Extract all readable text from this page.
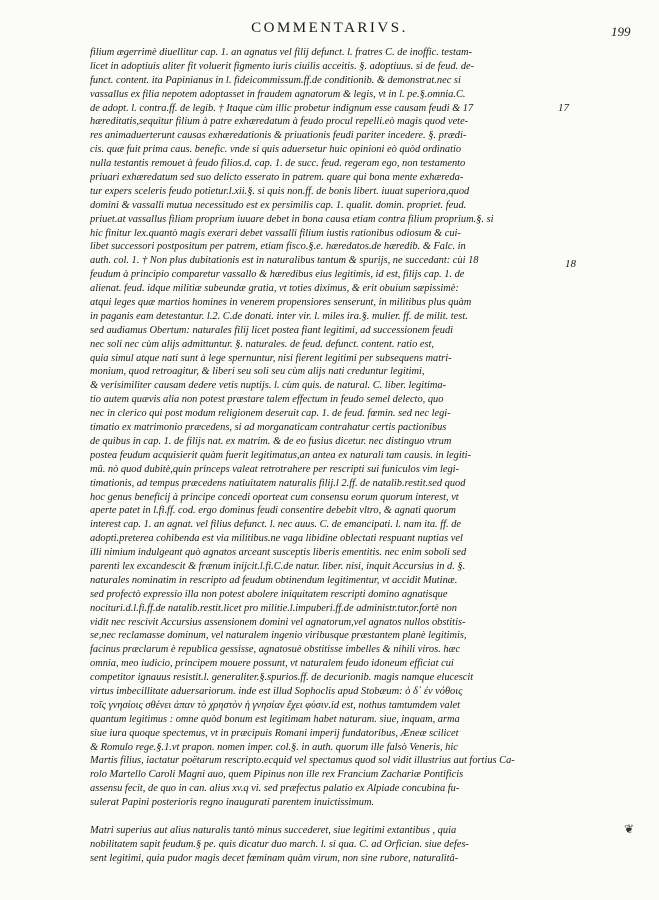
COMMENTARIVS.	199
filium ægerrimè diuellitur cap. 1. an agnatus vel filij defunct. l. fratres C. de inoffic. testam-
licet in adoptiuis aliter fit voluerit figmento iuris ciuilis acceitis. §. adoptiuus. si de feud. de-
funct. content. ita Papinianus in l. fideicommissum.ff.de conditionib. & demonstrat.nec si
vassallus ex filia nepotem adoptasset in fraudem agnatorum & legis, vt in l. pe.§.omnia.C.
de adopt. l. contra.ff. de legib. † Itaque cùm illic probetur indignum esse causam feudi & 17
hæreditatis,sequitur filium à patre exhæredatum à feudo procul repelli.eò magis quod vete-
res animaduerterunt causas exhæredationis & priuationis feudi pariter incedere. §. prædi-
cis. quæ fuit prima caus. benefic. vnde si quis aduersetur huic opinioni eò quòd ordinatio
nulla testantis remouet à feudo filios.d. cap. 1. de succ. feud. regeram ego, non testamento
priuari exhæredatum sed suo delicto esserato in patrem. quare qui bona mente exhæreda-
tur expers sceleris feudo potietur.l.xii.§. si quis non.ff. de bonis libert. iuuat superiora,quod
domini & vassalli mutua necessitudo est ex persimilis cap. 1. qualit. domin. propriet. feud.
priuet.at vassallus filiam proprium iuuare debet in bona causa etiam contra filium proprium.§. si
hic finitur lex.quantò magis exerari debet vassalli filium iustis rationibus odiosum & cui-
libet successori postpositum per patrem, etiam fisco.§.e. hæredatos.de hæredib. & Falc. in
auth. col. 1. † Non plus dubitationis est in naturalibus tantum & spurijs, ne succedant: cùi 18
feudum à principio comparetur vassallo & hæredibus eius legitimis, id est, filijs cap. 1. de
alienat. feud. idque militiæ subeundæ gratia, vt toties diximus, & erit obuium sæpissimè:
atqui leges quæ martios homines in venerem propensiores senserunt, in militibus plus quàm
in paganis eam detestantur. l.2. C.de donati. inter vir. l. miles ira.§. mulier. ff. de milit. test.
sed audiamus Obertum: naturales filij licet postea fiant legitimi, ad successionem feudi
nec soli nec cùm alijs admittuntur. §. naturales. de feud. defunct. content. ratio est,
quia simul atque nati sunt à lege spernuntur, nisi fierent legitimi per subsequens matri-
monium, quod retroagitur, & liberi seu soli seu cùm alijs nati creduntur legitimi,
& verisimiliter causam dedere vetis nuptijs. l. cùm quis. de natural. C. liber. legitima-
tio autem quævis alia non potest præstare talem effectum in feudo semel delecto, quo
nec in clerico qui post modum religionem deseruit cap. 1. de feud. fœmin. sed nec legi-
timatio ex matrimonio præcedens, si ad morganaticam contrahatur certis pactionibus
de quibus in cap. 1. de filijs nat. ex matrim. & de eo fusius dicetur. nec distinguo vtrum
postea feudum acquisierit quàm fuerit legitimatus,an antea ex naturali tam causis. in legiti-
mû. nò quod dubitè,quin princeps valeat retrotrahere per rescripti sui funiculos vim legi-
timationis, ad tempus præcedens natiuitatem naturalis filij.l 2.ff. de natalib.restit.sed quod
hoc genus beneficij à principe concedi oporteat cum consensu eorum quorum interest, vt
aperte patet in l.fi.ff. cod. ergo dominus feudi consentire debebit vltro, & agnati quorum
interest cap. 1. an agnat. vel filius defunct. l. nec auus. C. de emancipati. l. nam ita. ff. de
adopti.preterea cohibenda est via militibus.ne vaga libidine oblectati respuant nuptias vel
illi nimium indulgeant quò agnatos arceant susceptis liberis ementitis. nec enim soboli sed
parenti lex excandescit & frænum inijcit.l.fi.C.de natur. liber. nisi, inquit Accursius in d. §.
naturales nominatim in rescripto ad feudum obtinendum legitimentur, vt accidit Mutinæ.
sed profectò expressio illa non potest abolere iniquitatem rescripti domino agnatisque
nocituri.d.l.fi.ff.de natalib.restit.licet pro militie.l.impuberi.ff.de administr.tutor.fortè non
vidit nec rescivit Accursius assensionem domini vel agnatorum,vel agnatos nullos obstitis-
se,nec reclamasse dominum, vel naturalem ingenio viribusque præstantem planè legitimis,
facinus præclarum è republica gessisse, agnatosuè obstitisse imbelles & nihili viros. hæc
omnia, meo iudicio, principem mouere possunt, vt naturalem feudo idoneum efficiat cui
competitor ignauus resistit.l. generaliter.§.spurios.ff. de decurionib. magis namque elucescit
virtus imbecillitate aduersariorum. inde est illud Sophoclis apud Stobæum: ὁ δ᾽ ἐν νόθοις
τοῖς γνησίοις σθένει ἀπαν τὸ χρηστὸν ἡ γνησίαν ἔχει φύσιν.id est, nothus tamtumdem valet
quantum legitimus : omne quòd bonum est legitimam habet naturam. siue, inquam, arma
siue iura quoque spectemus, vt in præcipuis Romani imperij fundatoribus, Æneæ scilicet
& Romulo rege.§.1.vt prapon. nomen imper. col.§. in auth. quorum ille falsò Veneris, hic
Martis filius, iactatur poëtarum rescripto.ecquid vel spectamus quod sol vidit illustrius aut fortius Ca-
rolo Martello Caroli Magni auo, quem Pipinus non ille rex Francium Zachariæ Pontificis
assensu fecit, de quo in can. alius xv.q vi. sed præfectus palatio ex Alpiade concubina fu-
sulerat Papini posterioris regno inaugurati parentem inuictissimum.
Matri superius aut alius naturalis tantò minus succederet, siue legitimi extantibus , quia
nobilitatem sapit feudum.§ pe. quis dicatur duo march. l. si qua. C. ad Orfician. siue defes-
sent legitimi, quia pudor magis decet fœminam quàm virum, non sine rubore, naturalitâ-
17
18
❦
